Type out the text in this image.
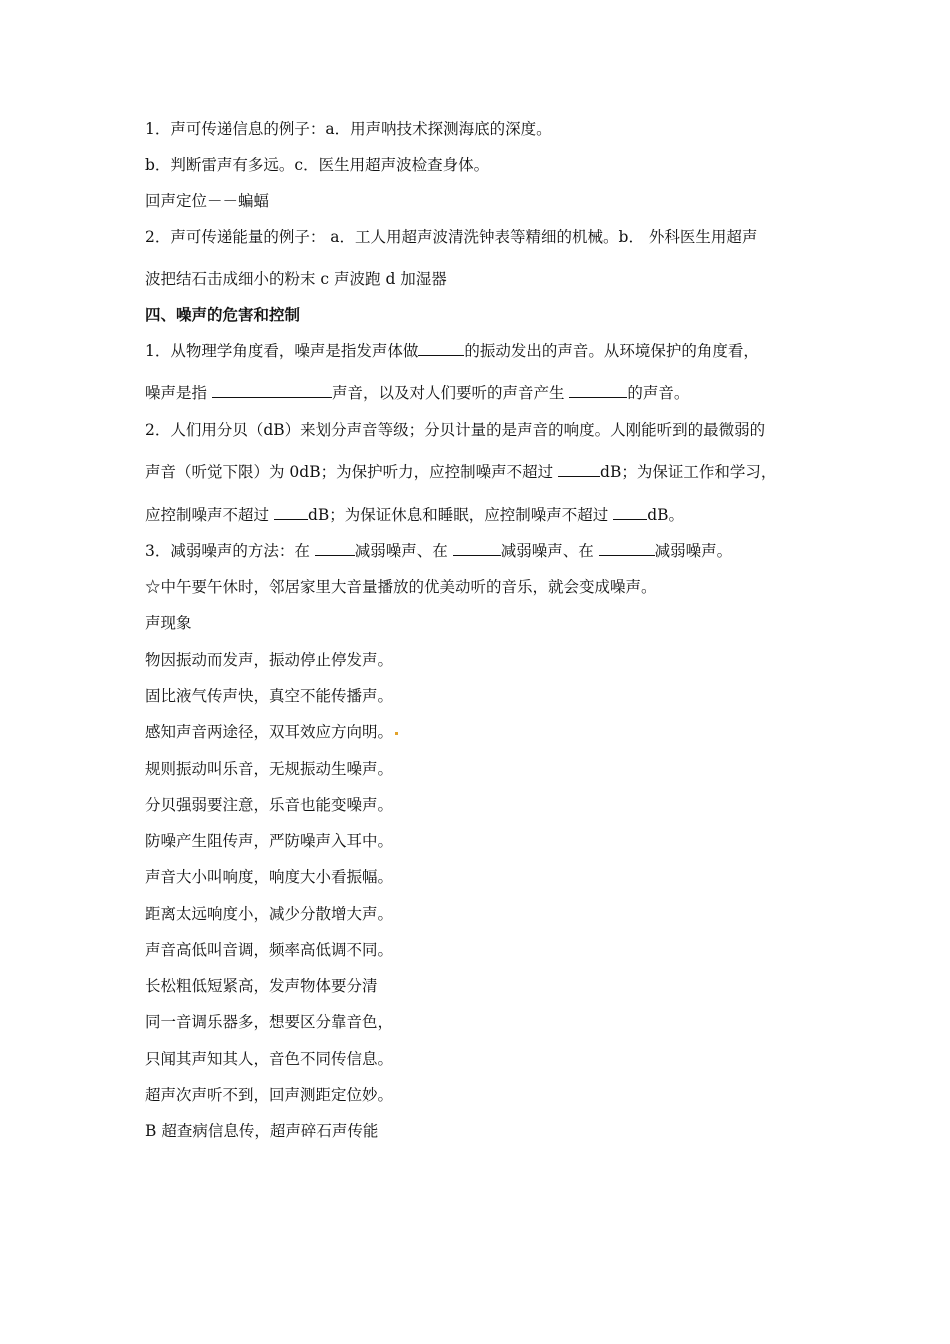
1．声可传递信息的例子：a．用声呐技术探测海底的深度。
b．判断雷声有多远。c．医生用超声波检查身体。
回声定位－－蝙蝠
2．声可传递能量的例子： a．工人用超声波清洗钟表等精细的机械。b． 外科医生用超声
波把结石击成细小的粉末 c 声波跑 d 加湿器
四、噪声的危害和控制
1．从物理学角度看，噪声是指发声体做	的振动发出的声音。从环境保护的角度看，
噪声是指	声音，以及对人们要听的声音产生	的声音。
2．人们用分贝（dB）来划分声音等级；分贝计量的是声音的响度。人刚能听到的最微弱的
声音（听觉下限）为 0dB；为保护听力，应控制噪声不超过	dB；为保证工作和学习，
应控制噪声不超过 dB；为保证休息和睡眠，应控制噪声不超过 dB。
3．减弱噪声的方法：在	减弱噪声、在	减弱噪声、在	减弱噪声。
☆中午要午休时，邻居家里大音量播放的优美动听的音乐，就会变成噪声。
声现象
物因振动而发声，振动停止停发声。
固比液气传声快，真空不能传播声。
感知声音两途径，双耳效应方向明。
规则振动叫乐音，无规振动生噪声。
分贝强弱要注意，乐音也能变噪声。
防噪产生阻传声，严防噪声入耳中。
声音大小叫响度，响度大小看振幅。
距离太远响度小，减少分散增大声。
声音高低叫音调，频率高低调不同。
长松粗低短紧高，发声物体要分清
同一音调乐器多，想要区分靠音色，
只闻其声知其人，音色不同传信息。
超声次声听不到，回声测距定位妙。
B 超查病信息传，超声碎石声传能
